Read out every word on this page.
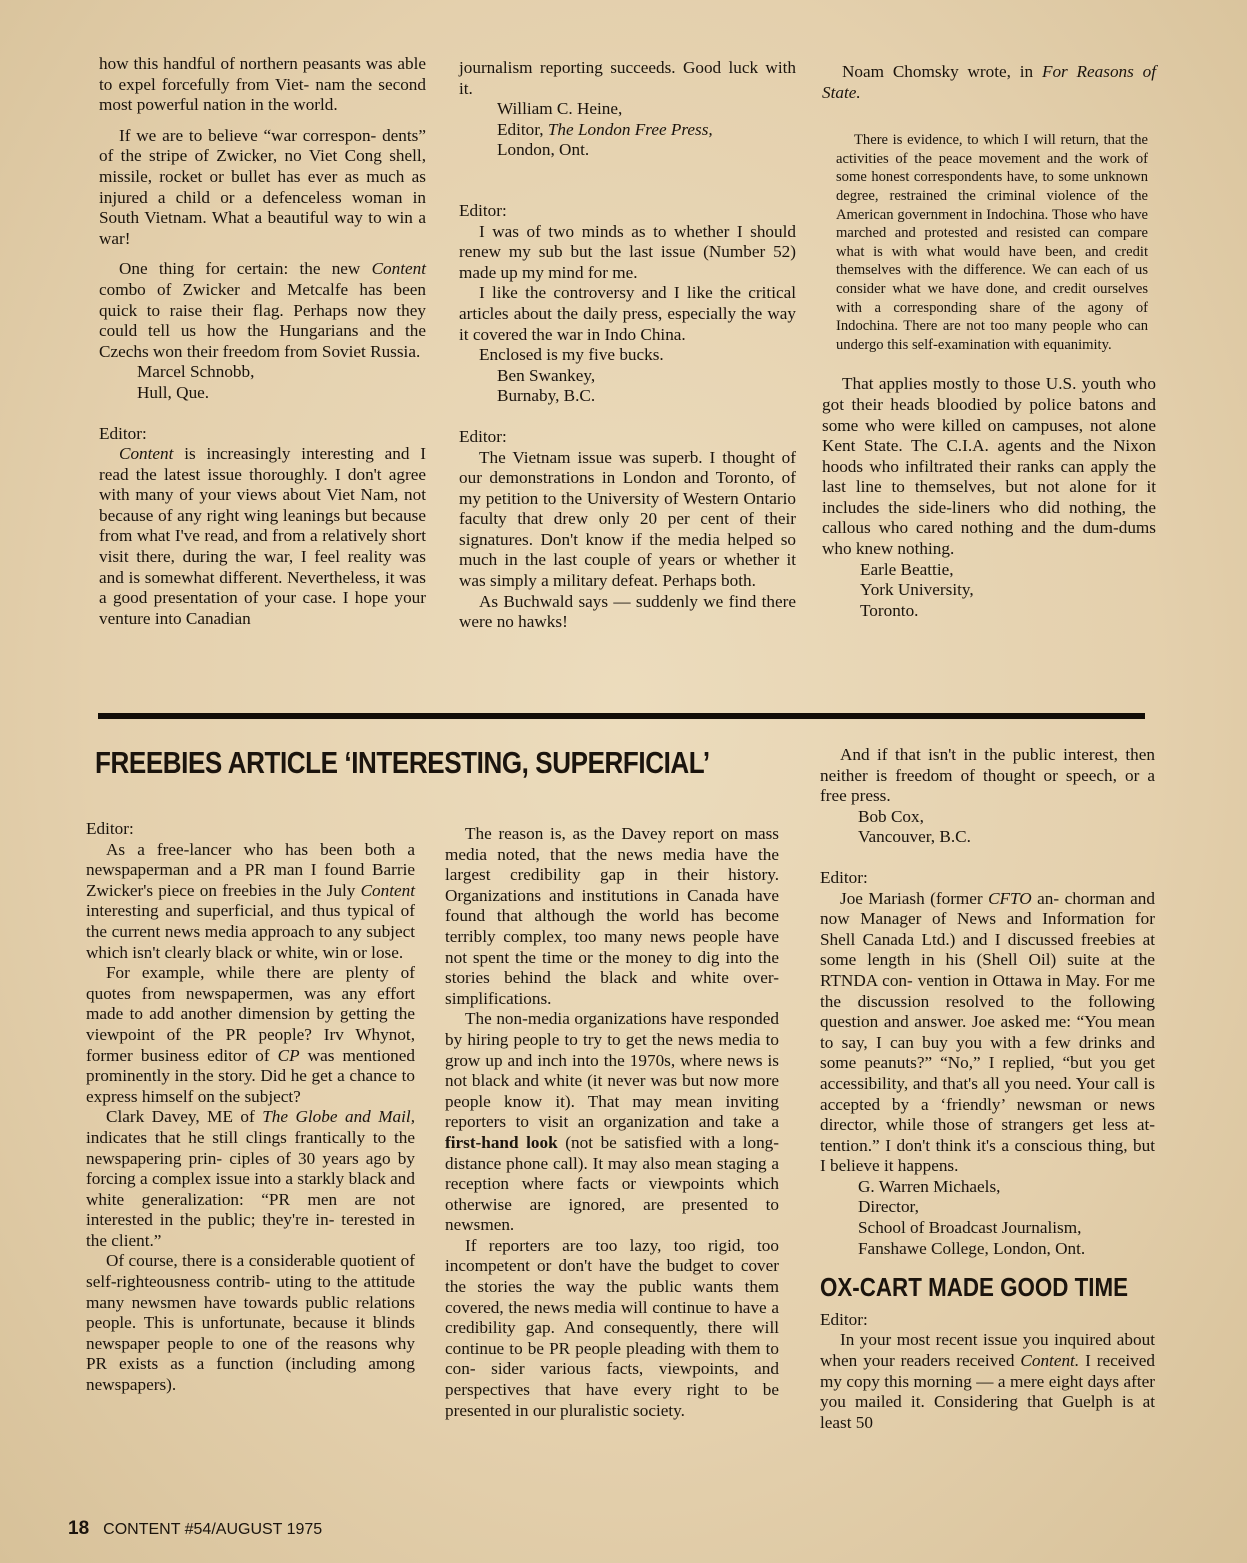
how this handful of northern peasants was able to expel forcefully from Viet- nam the second most powerful nation in the world.

If we are to believe “war correspon- dents” of the stripe of Zwicker, no Viet Cong shell, missile, rocket or bullet has ever as much as injured a child or a defenceless woman in South Vietnam. What a beautiful way to win a war!

One thing for certain: the new Content combo of Zwicker and Metcalfe has been quick to raise their flag. Perhaps now they could tell us how the Hungarians and the Czechs won their freedom from Soviet Russia.

Marcel Schnobb,

Hull, Que.

Editor:

Content is increasingly interesting and I read the latest issue thoroughly. I don't agree with many of your views about Viet Nam, not because of any right wing leanings but because from what I've read, and from a relatively short visit there, during the war, I feel reality was and is somewhat different. Nevertheless, it was a good presentation of your case. I hope your venture into Canadian

journalism reporting succeeds. Good luck with it.

William C. Heine,

Editor, The London Free Press,

London, Ont.

Editor:

I was of two minds as to whether I should renew my sub but the last issue (Number 52) made up my mind for me.

I like the controversy and I like the critical articles about the daily press, especially the way it covered the war in Indo China.

Enclosed is my five bucks.

Ben Swankey,

Burnaby, B.C.

Editor:

The Vietnam issue was superb. I thought of our demonstrations in London and Toronto, of my petition to the University of Western Ontario faculty that drew only 20 per cent of their signatures. Don't know if the media helped so much in the last couple of years or whether it was simply a military defeat. Perhaps both.

As Buchwald says — suddenly we find there were no hawks!

Noam Chomsky wrote, in For Reasons of State.

There is evidence, to which I will return, that the activities of the peace movement and the work of some honest correspondents have, to some unknown degree, restrained the criminal violence of the American government in Indochina. Those who have marched and protested and resisted can compare what is with what would have been, and credit themselves with the difference. We can each of us consider what we have done, and credit ourselves with a corresponding share of the agony of Indochina. There are not too many people who can undergo this self-examination with equanimity.

That applies mostly to those U.S. youth who got their heads bloodied by police batons and some who were killed on campuses, not alone Kent State. The C.I.A. agents and the Nixon hoods who infiltrated their ranks can apply the last line to themselves, but not alone for it includes the side-liners who did nothing, the callous who cared nothing and the dum-dums who knew nothing.

Earle Beattie,

York University,

Toronto.

FREEBIES ARTICLE ‘INTERESTING, SUPERFICIAL’

Editor:

As a free-lancer who has been both a newspaperman and a PR man I found Barrie Zwicker's piece on freebies in the July Content interesting and superficial, and thus typical of the current news media approach to any subject which isn't clearly black or white, win or lose.

For example, while there are plenty of quotes from newspapermen, was any effort made to add another dimension by getting the viewpoint of the PR people? Irv Whynot, former business editor of CP was mentioned prominently in the story. Did he get a chance to express himself on the subject?

Clark Davey, ME of The Globe and Mail, indicates that he still clings frantically to the newspapering prin- ciples of 30 years ago by forcing a complex issue into a starkly black and white generalization: “PR men are not interested in the public; they're in- terested in the client.”

Of course, there is a considerable quotient of self-righteousness contrib- uting to the attitude many newsmen have towards public relations people. This is unfortunate, because it blinds newspaper people to one of the reasons why PR exists as a function (including among newspapers).

The reason is, as the Davey report on mass media noted, that the news media have the largest credibility gap in their history. Organizations and institutions in Canada have found that although the world has become terribly complex, too many news people have not spent the time or the money to dig into the stories behind the black and white over- simplifications.

The non-media organizations have responded by hiring people to try to get the news media to grow up and inch into the 1970s, where news is not black and white (it never was but now more people know it). That may mean inviting reporters to visit an organization and take a first-hand look (not be satisfied with a long-distance phone call). It may also mean staging a reception where facts or viewpoints which otherwise are ignored, are presented to newsmen.

If reporters are too lazy, too rigid, too incompetent or don't have the budget to cover the stories the way the public wants them covered, the news media will continue to have a credibility gap. And consequently, there will continue to be PR people pleading with them to con- sider various facts, viewpoints, and perspectives that have every right to be presented in our pluralistic society.

And if that isn't in the public interest, then neither is freedom of thought or speech, or a free press.

Bob Cox,

Vancouver, B.C.

Editor:

Joe Mariash (former CFTO an- chorman and now Manager of News and Information for Shell Canada Ltd.) and I discussed freebies at some length in his (Shell Oil) suite at the RTNDA con- vention in Ottawa in May. For me the discussion resolved to the following question and answer. Joe asked me: “You mean to say, I can buy you with a few drinks and some peanuts?” “No,” I replied, “but you get accessibility, and that's all you need. Your call is accepted by a ‘friendly’ newsman or news director, while those of strangers get less at- tention.” I don't think it's a conscious thing, but I believe it happens.

G. Warren Michaels,

Director,

School of Broadcast Journalism,

Fanshawe College, London, Ont.

OX-CART MADE GOOD TIME

Editor:

In your most recent issue you inquired about when your readers received Content. I received my copy this morning — a mere eight days after you mailed it. Considering that Guelph is at least 50

18 CONTENT #54/AUGUST 1975
